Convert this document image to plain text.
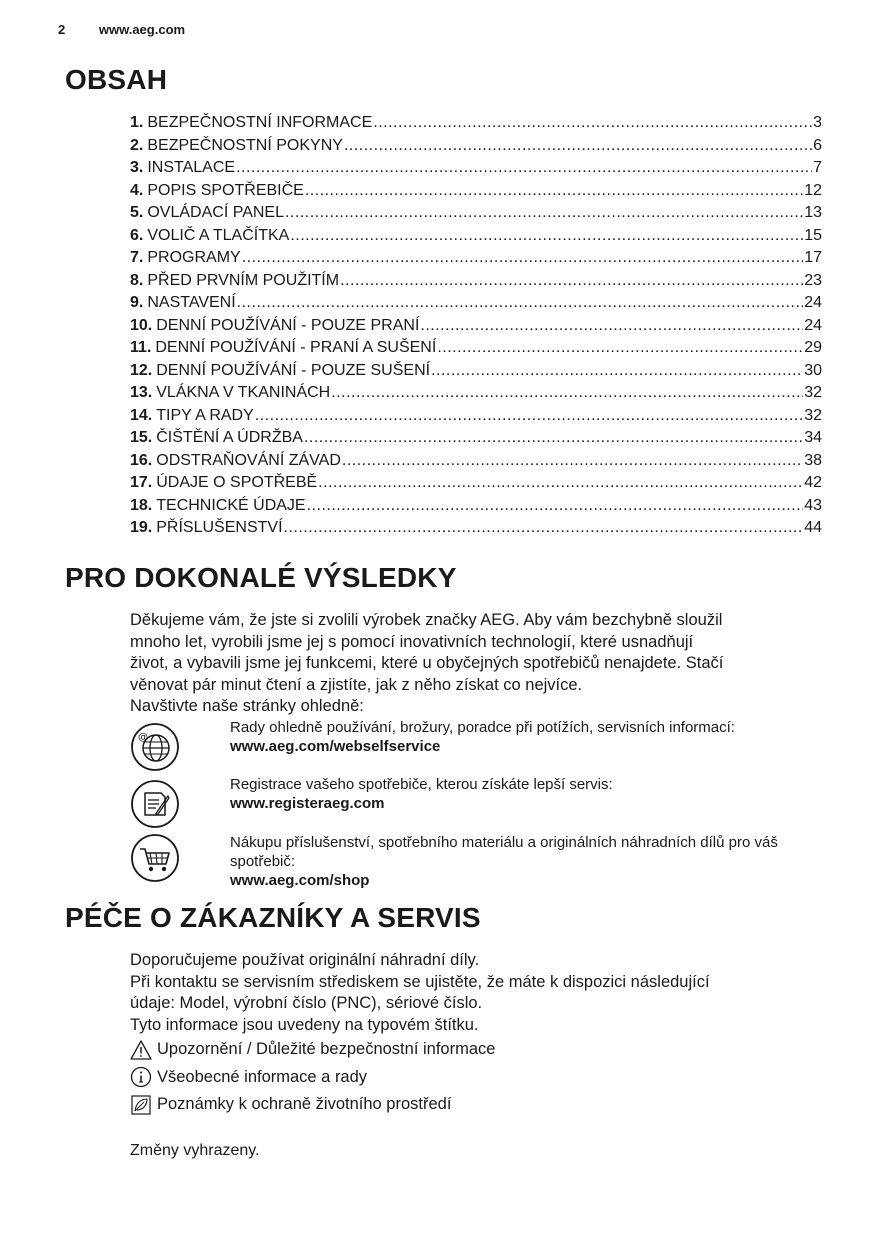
2	www.aeg.com
OBSAH
1. BEZPEČNOSTNÍ INFORMACE .....	3
2. BEZPEČNOSTNÍ POKYNY .....	6
3. INSTALACE .....	7
4. POPIS SPOTŘEBIČE .....	12
5. OVLÁDACÍ PANEL .....	13
6. VOLIČ A TLAČÍTKA .....	15
7. PROGRAMY .....	17
8. PŘED PRVNÍM POUŽITÍM .....	23
9. NASTAVENÍ .....	24
10. DENNÍ POUŽÍVÁNÍ - POUZE PRANÍ .....	24
11. DENNÍ POUŽÍVÁNÍ - PRANÍ A SUŠENÍ .....	29
12. DENNÍ POUŽÍVÁNÍ - POUZE SUŠENÍ .....	30
13. VLÁKNA V TKANINÁCH .....	32
14. TIPY A RADY .....	32
15. ČIŠTĚNÍ A ÚDRŽBA .....	34
16. ODSTRAŇOVÁNÍ ZÁVAD .....	38
17. ÚDAJE O SPOTŘEBĚ .....	42
18. TECHNICKÉ ÚDAJE .....	43
19. PŘÍSLUŠENSTVÍ .....	44
PRO DOKONALÉ VÝSLEDKY
Děkujeme vám, že jste si zvolili výrobek značky AEG. Aby vám bezchybně sloužil
mnoho let, vyrobili jsme jej s pomocí inovativních technologií, které usnadňují
život, a vybavili jsme jej funkcemi, které u obyčejných spotřebičů nenajdete. Stačí
věnovat pár minut čtení a zjistíte, jak z něho získat co nejvíce.
Navštivte naše stránky ohledně:
@
Rady ohledně používání, brožury, poradce při potížích, servisních informací:
www.aeg.com/webselfservice
Registrace vašeho spotřebiče, kterou získáte lepší servis:
www.registeraeg.com
Nákupu příslušenství, spotřebního materiálu a originálních náhradních dílů pro váš spotřebič:
www.aeg.com/shop
PÉČE O ZÁKAZNÍKY A SERVIS
Doporučujeme používat originální náhradní díly.
Při kontaktu se servisním střediskem se ujistěte, že máte k dispozici následující
údaje: Model, výrobní číslo (PNC), sériové číslo.
Tyto informace jsou uvedeny na typovém štítku.
Upozornění / Důležité bezpečnostní informace
Všeobecné informace a rady
Poznámky k ochraně životního prostředí

Změny vyhrazeny.
